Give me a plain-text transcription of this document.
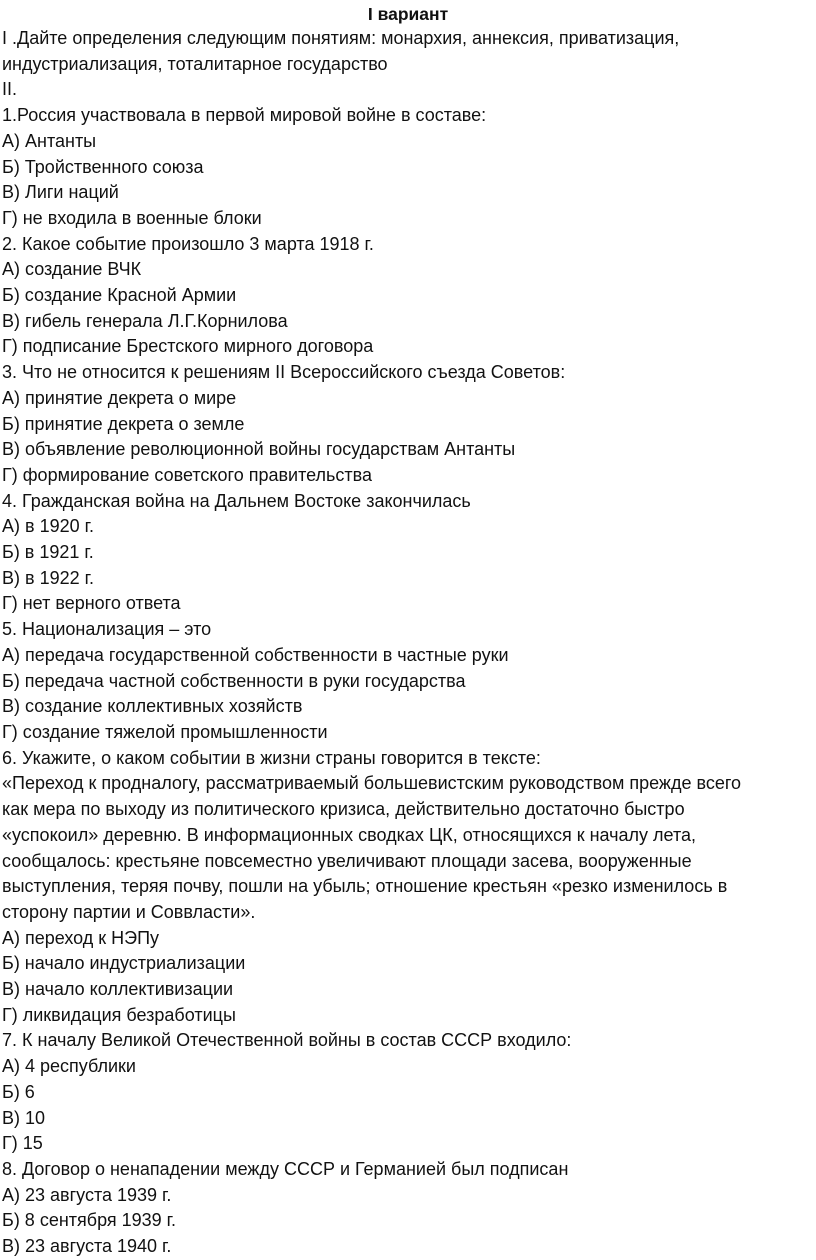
I вариант
I .Дайте определения следующим понятиям: монархия, аннексия, приватизация,
индустриализация, тоталитарное государство
II.
1.Россия участвовала в первой мировой войне в составе:
А) Антанты
Б) Тройственного союза
В) Лиги наций
Г) не входила в военные блоки
2. Какое событие произошло 3 марта 1918 г.
А) создание ВЧК
Б) создание Красной Армии
В) гибель генерала Л.Г.Корнилова
Г) подписание Брестского мирного договора
3. Что не относится к решениям II Всероссийского съезда Советов:
А) принятие декрета о мире
Б) принятие декрета о земле
В) объявление революционной войны государствам Антанты
Г) формирование советского правительства
4. Гражданская война на Дальнем Востоке закончилась
А) в 1920 г.
Б) в 1921 г.
В) в 1922 г.
Г) нет верного ответа
5. Национализация – это
А) передача государственной собственности в частные руки
Б) передача частной собственности в руки государства
В) создание коллективных хозяйств
Г) создание тяжелой промышленности
6. Укажите, о каком событии в жизни страны говорится в тексте:
«Переход к продналогу, рассматриваемый большевистским руководством прежде всего
как мера по выходу из политического кризиса, действительно достаточно быстро
«успокоил» деревню. В информационных сводках ЦК, относящихся к началу лета,
сообщалось: крестьяне повсеместно увеличивают площади засева, вооруженные
выступления, теряя почву, пошли на убыль; отношение крестьян «резко изменилось в
сторону партии и Соввласти».
А) переход к НЭПу
Б) начало индустриализации
В) начало коллективизации
Г) ликвидация безработицы
7. К началу Великой Отечественной войны в состав СССР входило:
А) 4 республики
Б) 6
В) 10
Г) 15
8. Договор о ненападении между СССР и Германией был подписан
А) 23 августа 1939 г.
Б) 8 сентября 1939 г.
В) 23 августа 1940 г.
